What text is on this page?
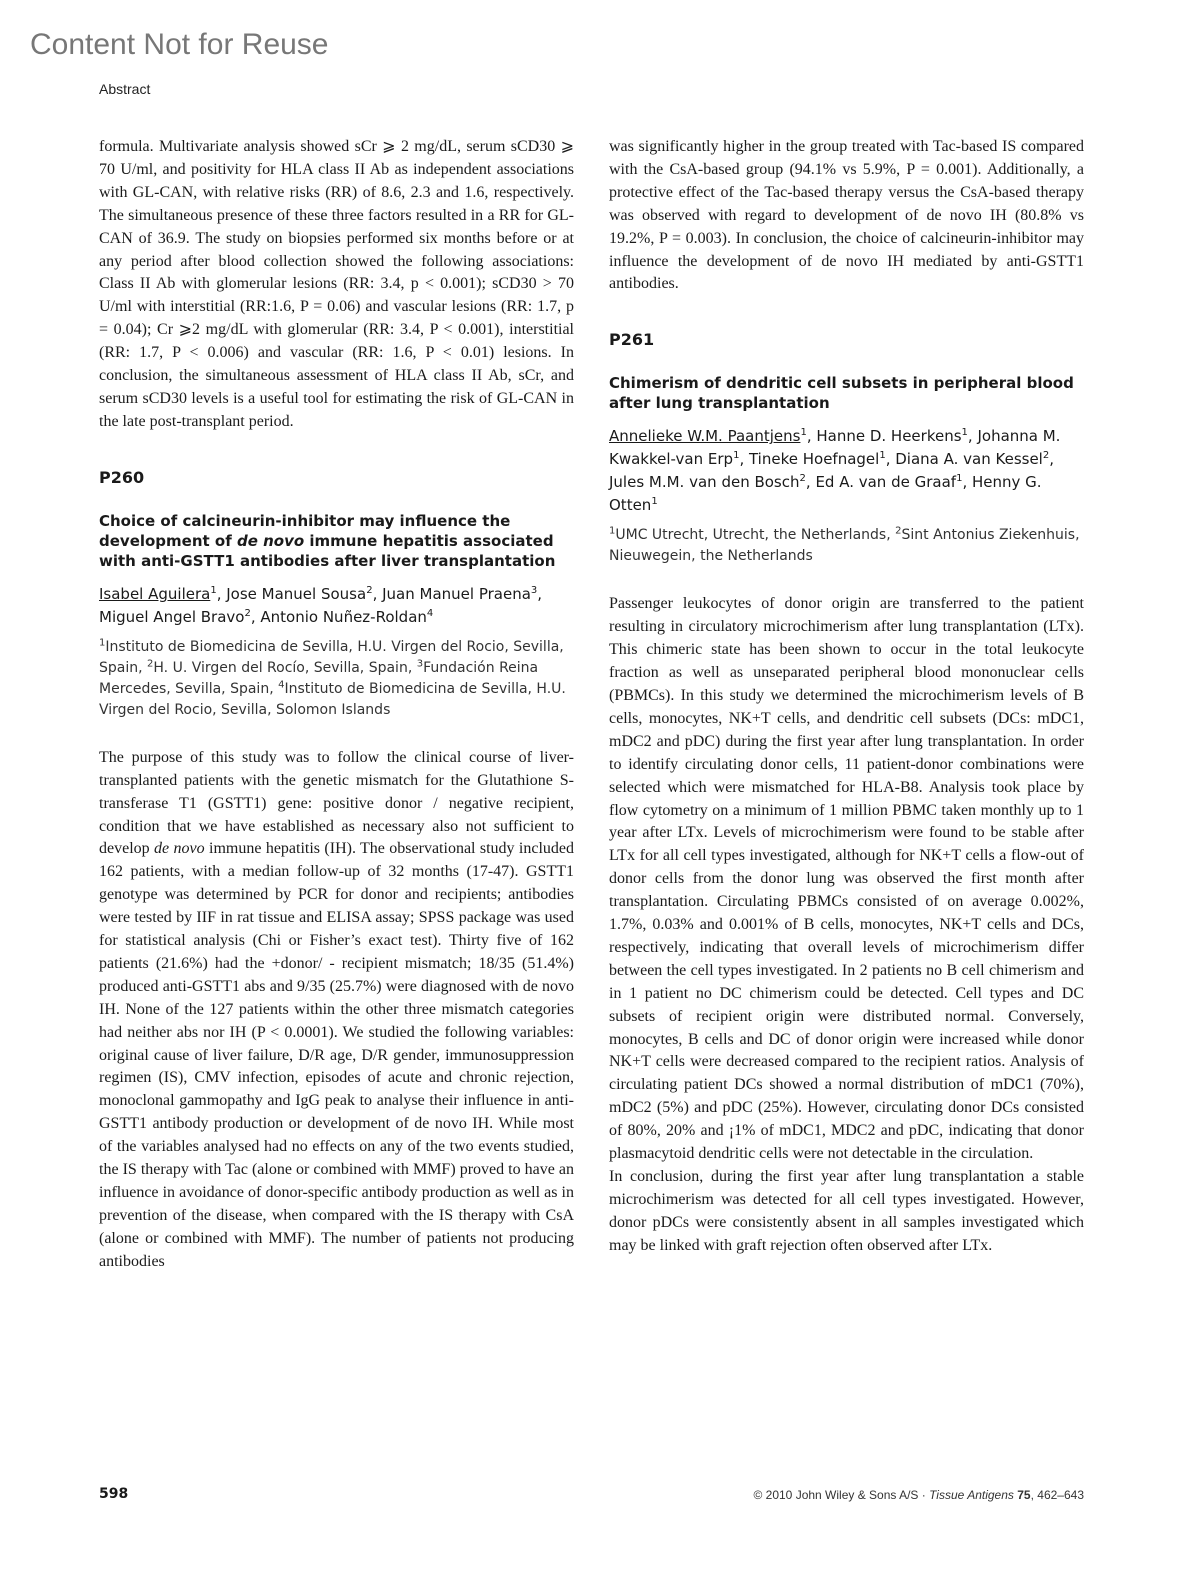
Content Not for Reuse
Abstract

formula. Multivariate analysis showed sCr ⩾ 2 mg/dL, serum sCD30 ⩾ 70 U/ml, and positivity for HLA class II Ab as independent associations with GL-CAN, with relative risks (RR) of 8.6, 2.3 and 1.6, respectively. The simultaneous presence of these three factors resulted in a RR for GL-CAN of 36.9. The study on biopsies performed six months before or at any period after blood collection showed the following associations: Class II Ab with glomerular lesions (RR: 3.4, p < 0.001); sCD30 > 70 U/ml with interstitial (RR:1.6, P = 0.06) and vascular lesions (RR: 1.7, p = 0.04); Cr ⩾2 mg/dL with glomerular (RR: 3.4, P < 0.001), interstitial (RR: 1.7, P < 0.006) and vascular (RR: 1.6, P < 0.01) lesions. In conclusion, the simultaneous assessment of HLA class II Ab, sCr, and serum sCD30 levels is a useful tool for estimating the risk of GL-CAN in the late post-transplant period.

P260

Choice of calcineurin-inhibitor may influence the development of de novo immune hepatitis associated with anti-GSTT1 antibodies after liver transplantation

Isabel Aguilera$^1$, Jose Manuel Sousa$^2$, Juan Manuel Praena$^3$, Miguel Angel Bravo$^2$, Antonio Nuñez-Roldan$^4$

$^1$Instituto de Biomedicina de Sevilla, H.U. Virgen del Rocio, Sevilla, Spain, $^2$H. U. Virgen del Rocío, Sevilla, Spain, $^3$Fundación Reina Mercedes, Sevilla, Spain, $^4$Instituto de Biomedicina de Sevilla, H.U. Virgen del Rocio, Sevilla, Solomon Islands

The purpose of this study was to follow the clinical course of liver-transplanted patients with the genetic mismatch for the Glutathione S-transferase T1 (GSTT1) gene: positive donor / negative recipient, condition that we have established as necessary also not sufficient to develop de novo immune hepatitis (IH). The observational study included 162 patients, with a median follow-up of 32 months (17-47). GSTT1 genotype was determined by PCR for donor and recipients; antibodies were tested by IIF in rat tissue and ELISA assay; SPSS package was used for statistical analysis (Chi or Fisher’s exact test). Thirty five of 162 patients (21.6%) had the +donor/ - recipient mismatch; 18/35 (51.4%) produced anti-GSTT1 abs and 9/35 (25.7%) were diagnosed with de novo IH. None of the 127 patients within the other three mismatch categories had neither abs nor IH (P < 0.0001). We studied the following variables: original cause of liver failure, D/R age, D/R gender, immunosuppression regimen (IS), CMV infection, episodes of acute and chronic rejection, monoclonal gammopathy and IgG peak to analyse their influence in anti-GSTT1 antibody production or development of de novo IH. While most of the variables analysed had no effects on any of the two events studied, the IS therapy with Tac (alone or combined with MMF) proved to have an influence in avoidance of donor-specific antibody production as well as in prevention of the disease, when compared with the IS therapy with CsA (alone or combined with MMF). The number of patients not producing antibodies

was significantly higher in the group treated with Tac-based IS compared with the CsA-based group (94.1% vs 5.9%, P = 0.001). Additionally, a protective effect of the Tac-based therapy versus the CsA-based therapy was observed with regard to development of de novo IH (80.8% vs 19.2%, P = 0.003). In conclusion, the choice of calcineurin-inhibitor may influence the development of de novo IH mediated by anti-GSTT1 antibodies.

P261

Chimerism of dendritic cell subsets in peripheral blood after lung transplantation

Annelieke W.M. Paantjens$^1$, Hanne D. Heerkens$^1$, Johanna M. Kwakkel-van Erp$^1$, Tineke Hoefnagel$^1$, Diana A. van Kessel$^2$, Jules M.M. van den Bosch$^2$, Ed A. van de Graaf$^1$, Henny G. Otten$^1$

$^1$UMC Utrecht, Utrecht, the Netherlands, $^2$Sint Antonius Ziekenhuis, Nieuwegein, the Netherlands

Passenger leukocytes of donor origin are transferred to the patient resulting in circulatory microchimerism after lung transplantation (LTx). This chimeric state has been shown to occur in the total leukocyte fraction as well as unseparated peripheral blood mononuclear cells (PBMCs). In this study we determined the microchimerism levels of B cells, monocytes, NK+T cells, and dendritic cell subsets (DCs: mDC1, mDC2 and pDC) during the first year after lung transplantation. In order to identify circulating donor cells, 11 patient-donor combinations were selected which were mismatched for HLA-B8. Analysis took place by flow cytometry on a minimum of 1 million PBMC taken monthly up to 1 year after LTx. Levels of microchimerism were found to be stable after LTx for all cell types investigated, although for NK+T cells a flow-out of donor cells from the donor lung was observed the first month after transplantation. Circulating PBMCs consisted of on average 0.002%, 1.7%, 0.03% and 0.001% of B cells, monocytes, NK+T cells and DCs, respectively, indicating that overall levels of microchimerism differ between the cell types investigated. In 2 patients no B cell chimerism and in 1 patient no DC chimerism could be detected. Cell types and DC subsets of recipient origin were distributed normal. Conversely, monocytes, B cells and DC of donor origin were increased while donor NK+T cells were decreased compared to the recipient ratios. Analysis of circulating patient DCs showed a normal distribution of mDC1 (70%), mDC2 (5%) and pDC (25%). However, circulating donor DCs consisted of 80%, 20% and ¡1% of mDC1, MDC2 and pDC, indicating that donor plasmacytoid dendritic cells were not detectable in the circulation.

In conclusion, during the first year after lung transplantation a stable microchimerism was detected for all cell types investigated. However, donor pDCs were consistently absent in all samples investigated which may be linked with graft rejection often observed after LTx.

598	© 2010 John Wiley & Sons A/S · Tissue Antigens 75, 462–643
